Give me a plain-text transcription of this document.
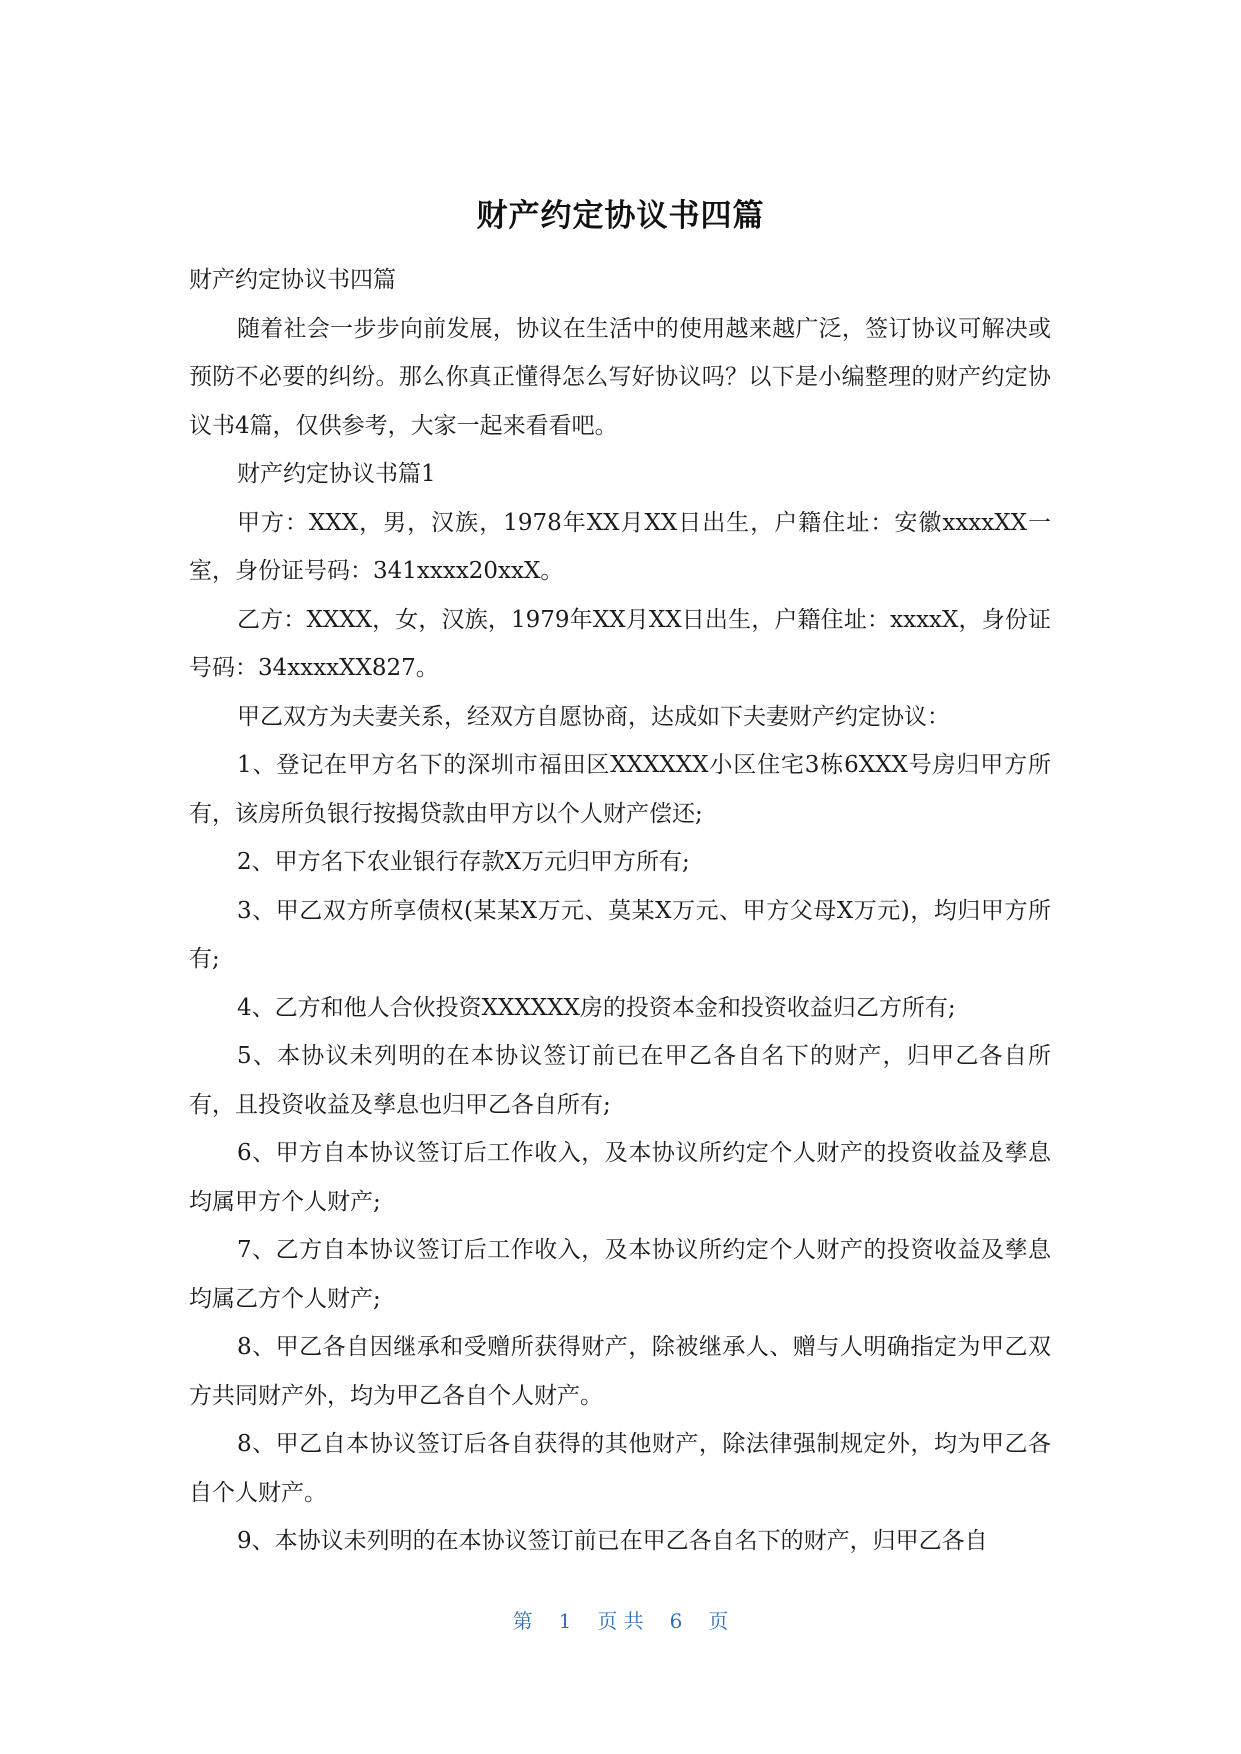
财产约定协议书四篇

财产约定协议书四篇

随着社会一步步向前发展，协议在生活中的使用越来越广泛，签订协议可解决或预防不必要的纠纷。那么你真正懂得怎么写好协议吗？以下是小编整理的财产约定协议书4篇，仅供参考，大家一起来看看吧。

财产约定协议书篇1

甲方：XXX，男，汉族，1978年XX月XX日出生，户籍住址：安徽xxxxXX一室，身份证号码：341xxxx20xxX。

乙方：XXXX，女，汉族，1979年XX月XX日出生，户籍住址：xxxxX，身份证号码：34xxxxXX827。

甲乙双方为夫妻关系，经双方自愿协商，达成如下夫妻财产约定协议：

1、登记在甲方名下的深圳市福田区XXXXXX小区住宅3栋6XXX号房归甲方所有，该房所负银行按揭贷款由甲方以个人财产偿还;

2、甲方名下农业银行存款X万元归甲方所有;

3、甲乙双方所享债权(某某X万元、莫某X万元、甲方父母X万元)，均归甲方所有;

4、乙方和他人合伙投资XXXXXX房的投资本金和投资收益归乙方所有;

5、本协议未列明的在本协议签订前已在甲乙各自名下的财产，归甲乙各自所有，且投资收益及孳息也归甲乙各自所有;

6、甲方自本协议签订后工作收入，及本协议所约定个人财产的投资收益及孳息均属甲方个人财产;

7、乙方自本协议签订后工作收入，及本协议所约定个人财产的投资收益及孳息均属乙方个人财产;

8、甲乙各自因继承和受赠所获得财产，除被继承人、赠与人明确指定为甲乙双方共同财产外，均为甲乙各自个人财产。

8、甲乙自本协议签订后各自获得的其他财产，除法律强制规定外，均为甲乙各自个人财产。

9、本协议未列明的在本协议签订前已在甲乙各自名下的财产，归甲乙各自

第 1 页 共 6 页
